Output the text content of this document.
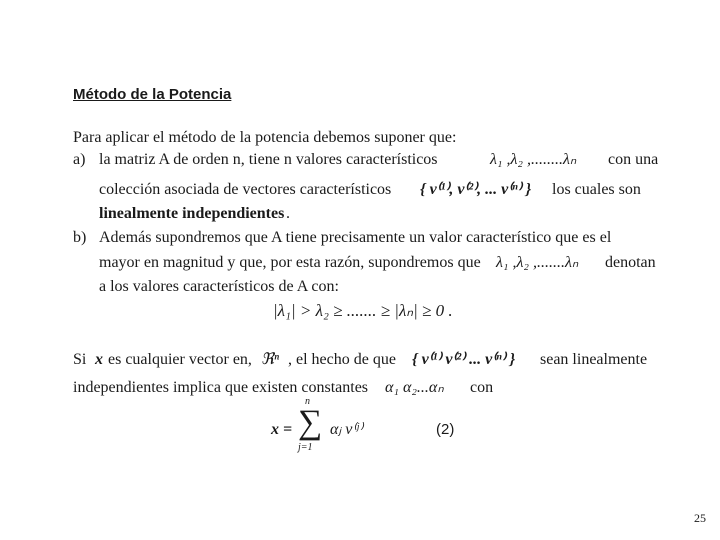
Método de la Potencia
Para aplicar el método de la potencia debemos suponer que:
a) la matriz A de orden n, tiene n valores característicos	λ₁ ,λ₂ ,........λₙ con una
colección asociada de vectores característicos { v⁽¹⁾, v⁽²⁾, ... v⁽ⁿ⁾ } los cuales son
linealmente independientes .
b) Además supondremos que A tiene precisamente un valor característico que es el
mayor en magnitud y que, por esta razón, supondremos que λ₁ ,λ₂ ,.......λₙ denotan
a los valores característicos de A con:
|λ₁| > λ₂ ≥ ....... ≥ |λₙ| ≥ 0 .
Si x es cualquier vector en, ℜⁿ , el hecho de que { v⁽¹⁾ v⁽²⁾ ... v⁽ⁿ⁾ } sean linealmente
independientes implica que existen constantes α₁ α₂...αₙ con
x =
n
∑
j=1
αⱼ v⁽ʲ⁾	(2)
25
